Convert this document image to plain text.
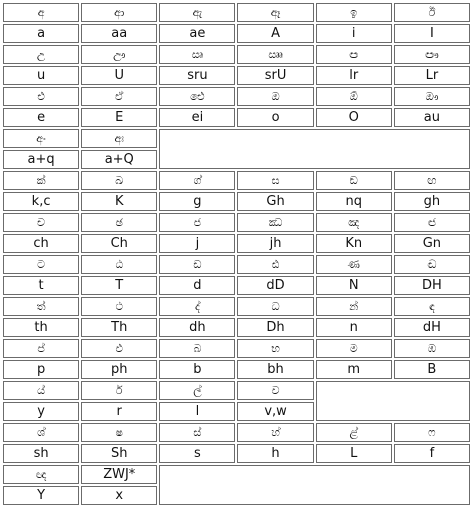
අ	ආ	ඇ	ඈ	ඉ	ඊ
a	aa	ae	A	i	I
උ	ඌ	ඍ	ඎ	ඏ	ඐ
u	U	sru	srU	lr	Lr
එ	ඒ	ඓ	ඔ	ඕ	ඖ
e	E	ei	o	O	au
අං	අඃ				
a+q	a+Q				
ක්	ඛ	ග්	ඝ	ඞ	ඟ
k,c	K	g	Gh	nq	gh
ච	ඡ	ජ	ඣ	ඤ	ඦ
ch	Ch	j	jh	Kn	Gn
ට	ඨ	ඩ	ඪ	ණ	ඬ
t	T	d	dD	N	DH
ත්	ථ	ද්	ධ	න්	ඳ
th	Th	dh	Dh	n	dH
ප්	ඵ	බ	භ	ම	ඹ
p	ph	b	bh	m	B
ය්	ර්	ල්	ව		
y	r	l	v,w		
ශ්	ෂ	ස්	හ්	ළ්	ෆ
sh	Sh	s	h	L	f
ඥ	ZWJ*				
Y	x				
